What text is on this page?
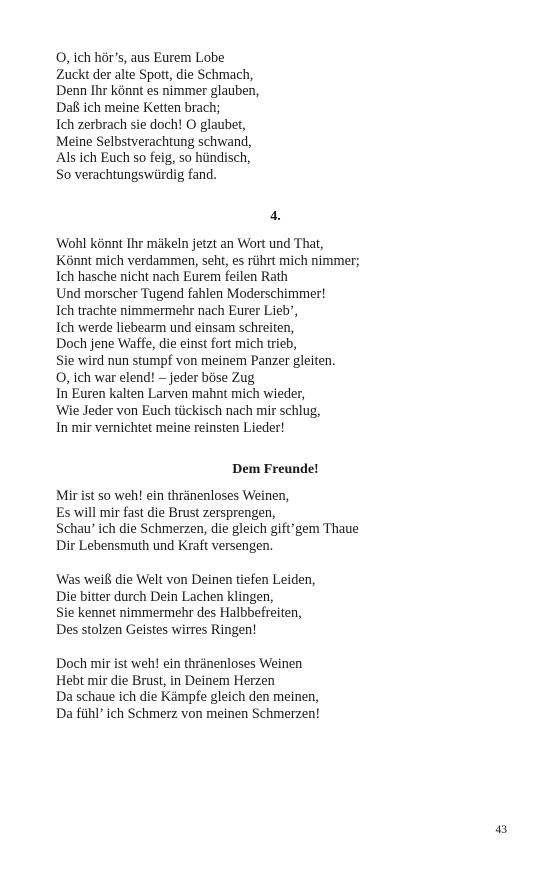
O, ich hör’s, aus Eurem Lobe
Zuckt der alte Spott, die Schmach,
Denn Ihr könnt es nimmer glauben,
Daß ich meine Ketten brach;
Ich zerbrach sie doch! O glaubet,
Meine Selbstverachtung schwand,
Als ich Euch so feig, so hündisch,
So verachtungswürdig fand.
4.
Wohl könnt Ihr mäkeln jetzt an Wort und That,
Könnt mich verdammen, seht, es rührt mich nimmer;
Ich hasche nicht nach Eurem feilen Rath
Und morscher Tugend fahlen Moderschimmer!
Ich trachte nimmermehr nach Eurer Lieb’,
Ich werde liebearm und einsam schreiten,
Doch jene Waffe, die einst fort mich trieb,
Sie wird nun stumpf von meinem Panzer gleiten.
O, ich war elend! – jeder böse Zug
In Euren kalten Larven mahnt mich wieder,
Wie Jeder von Euch tückisch nach mir schlug,
In mir vernichtet meine reinsten Lieder!
Dem Freunde!
Mir ist so weh! ein thränenloses Weinen,
Es will mir fast die Brust zersprengen,
Schau’ ich die Schmerzen, die gleich gift’gem Thaue
Dir Lebensmuth und Kraft versengen.
Was weiß die Welt von Deinen tiefen Leiden,
Die bitter durch Dein Lachen klingen,
Sie kennet nimmermehr des Halbbefreiten,
Des stolzen Geistes wirres Ringen!
Doch mir ist weh! ein thränenloses Weinen
Hebt mir die Brust, in Deinem Herzen
Da schaue ich die Kämpfe gleich den meinen,
Da fühl’ ich Schmerz von meinen Schmerzen!
43
